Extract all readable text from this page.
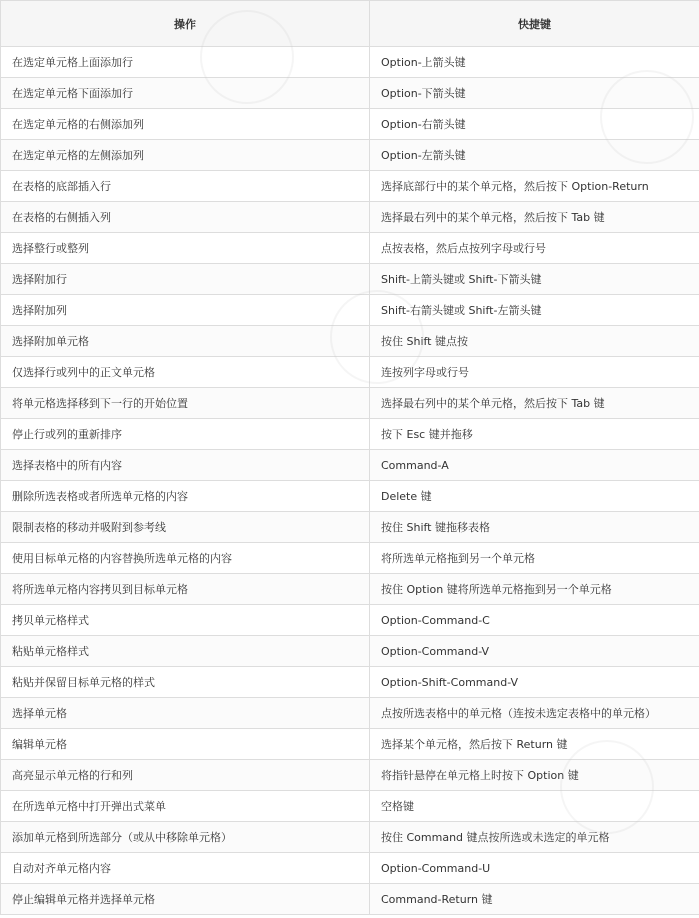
操作	快捷键
在选定单元格上面添加行	Option-上箭头键
在选定单元格下面添加行	Option-下箭头键
在选定单元格的右侧添加列	Option-右箭头键
在选定单元格的左侧添加列	Option-左箭头键
在表格的底部插入行	选择底部行中的某个单元格，然后按下 Option-Return
在表格的右侧插入列	选择最右列中的某个单元格，然后按下 Tab 键
选择整行或整列	点按表格，然后点按列字母或行号
选择附加行	Shift-上箭头键或 Shift-下箭头键
选择附加列	Shift-右箭头键或 Shift-左箭头键
选择附加单元格	按住 Shift 键点按
仅选择行或列中的正文单元格	连按列字母或行号
将单元格选择移到下一行的开始位置	选择最右列中的某个单元格，然后按下 Tab 键
停止行或列的重新排序	按下 Esc 键并拖移
选择表格中的所有内容	Command-A
删除所选表格或者所选单元格的内容	Delete 键
限制表格的移动并吸附到参考线	按住 Shift 键拖移表格
使用目标单元格的内容替换所选单元格的内容	将所选单元格拖到另一个单元格
将所选单元格内容拷贝到目标单元格	按住 Option 键将所选单元格拖到另一个单元格
拷贝单元格样式	Option-Command-C
粘贴单元格样式	Option-Command-V
粘贴并保留目标单元格的样式	Option-Shift-Command-V
选择单元格	点按所选表格中的单元格（连按未选定表格中的单元格）
编辑单元格	选择某个单元格，然后按下 Return 键
高亮显示单元格的行和列	将指针悬停在单元格上时按下 Option 键
在所选单元格中打开弹出式菜单	空格键
添加单元格到所选部分（或从中移除单元格）	按住 Command 键点按所选或未选定的单元格
自动对齐单元格内容	Option-Command-U
停止编辑单元格并选择单元格	Command-Return 键
